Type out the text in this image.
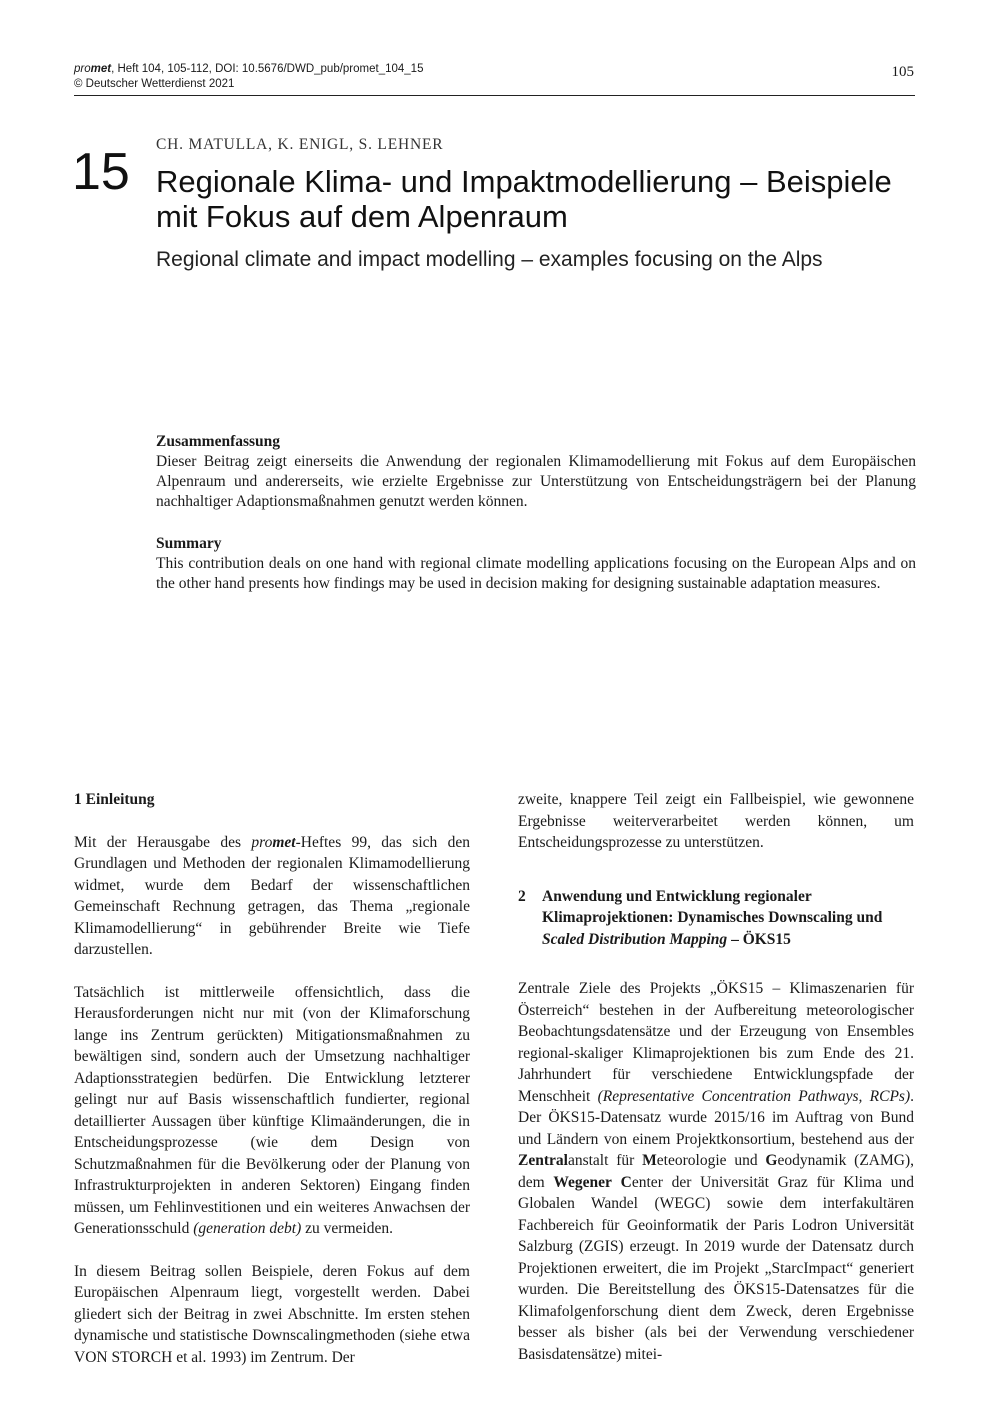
promet, Heft 104, 105-112, DOI: 10.5676/DWD_pub/promet_104_15
© Deutscher Wetterdienst 2021
105
15 CH. MATULLA, K. ENIGL, S. LEHNER
Regionale Klima- und Impaktmodellierung – Beispiele mit Fokus auf dem Alpenraum
Regional climate and impact modelling – examples focusing on the Alps
Zusammenfassung

Dieser Beitrag zeigt einerseits die Anwendung der regionalen Klimamodellierung mit Fokus auf dem Europäischen Alpenraum und andererseits, wie erzielte Ergebnisse zur Unterstützung von Entscheidungsträgern bei der Planung nachhaltiger Adaptionsmaßnahmen genutzt werden können.

Summary

This contribution deals on one hand with regional climate modelling applications focusing on the European Alps and on the other hand presents how findings may be used in decision making for designing sustainable adaptation measures.

1 Einleitung

Mit der Herausgabe des promet-Heftes 99, das sich den Grundlagen und Methoden der regionalen Klimamodellierung widmet, wurde dem Bedarf der wissenschaftlichen Gemeinschaft Rechnung getragen, das Thema „regionale Klimamodellierung“ in gebührender Breite wie Tiefe darzustellen.

Tatsächlich ist mittlerweile offensichtlich, dass die Herausforderungen nicht nur mit (von der Klimaforschung lange ins Zentrum gerückten) Mitigationsmaßnahmen zu bewältigen sind, sondern auch der Umsetzung nachhaltiger Adaptionsstrategien bedürfen. Die Entwicklung letzterer gelingt nur auf Basis wissenschaftlich fundierter, regional detaillierter Aussagen über künftige Klimaänderungen, die in Entscheidungsprozesse (wie dem Design von Schutzmaßnahmen für die Bevölkerung oder der Planung von Infrastrukturprojekten in anderen Sektoren) Eingang finden müssen, um Fehlinvestitionen und ein weiteres Anwachsen der Generationsschuld (generation debt) zu vermeiden.

In diesem Beitrag sollen Beispiele, deren Fokus auf dem Europäischen Alpenraum liegt, vorgestellt werden. Dabei gliedert sich der Beitrag in zwei Abschnitte. Im ersten stehen dynamische und statistische Downscalingmethoden (siehe etwa VON STORCH et al. 1993) im Zentrum. Der

zweite, knappere Teil zeigt ein Fallbeispiel, wie gewonnene Ergebnisse weiterverarbeitet werden können, um Entscheidungsprozesse zu unterstützen.

2	Anwendung und Entwicklung regionaler Klimaprojektionen: Dynamisches Downscaling und Scaled Distribution Mapping – ÖKS15

Zentrale Ziele des Projekts „ÖKS15 – Klimaszenarien für Österreich“ bestehen in der Aufbereitung meteorologischer Beobachtungsdatensätze und der Erzeugung von Ensembles regional-skaliger Klimaprojektionen bis zum Ende des 21. Jahrhundert für verschiedene Entwicklungspfade der Menschheit (Representative Concentration Pathways, RCPs). Der ÖKS15-Datensatz wurde 2015/16 im Auftrag von Bund und Ländern von einem Projektkonsortium, bestehend aus der Zentralanstalt für Meteorologie und Geodynamik (ZAMG), dem Wegener Center der Universität Graz für Klima und Globalen Wandel (WEGC) sowie dem interfakultären Fachbereich für Geoinformatik der Paris Lodron Universität Salzburg (ZGIS) erzeugt. In 2019 wurde der Datensatz durch Projektionen erweitert, die im Projekt „StarcImpact“ generiert wurden. Die Bereitstellung des ÖKS15-Datensatzes für die Klimafolgenforschung dient dem Zweck, deren Ergebnisse besser als bisher (als bei der Verwendung verschiedener Basisdatensätze) mitei-
